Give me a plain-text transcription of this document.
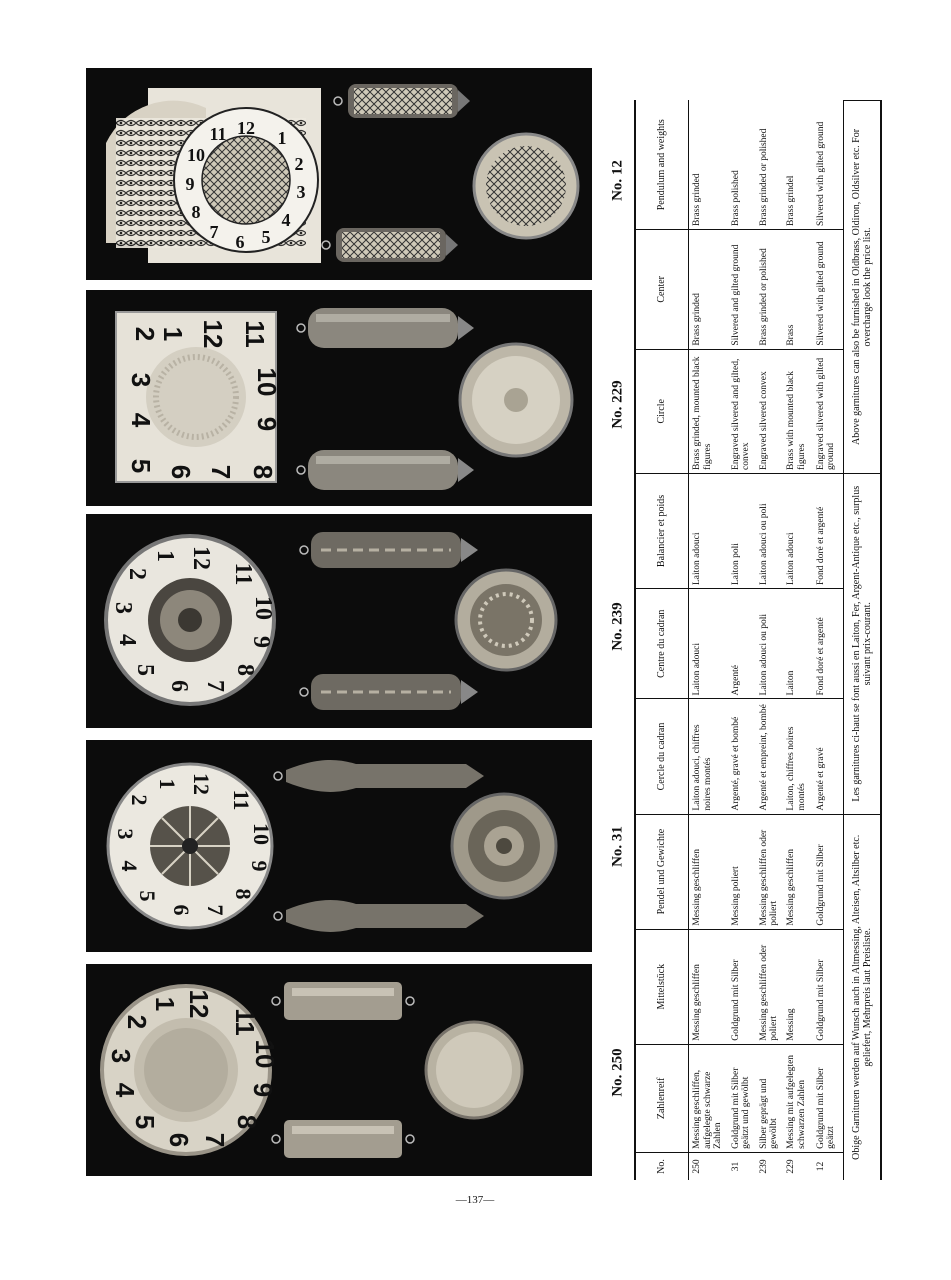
12 1
2
3
4
5
6
7
8
9
10
11
12
1
2
3
4
5 6 7 8
9
10
11
12
1
2
3
4
5
6 7
8
9
10
11
12
1
2
3
4
5
6 7
8
9
10
11
12
1
2
3
4
5
6 7
8
9
10
11
No. 12
No. 229
No. 239
No. 31
No. 250
No.	Zahlenreif	Mittelstück	Pendel und Gewichte	Cercle du cadran	Centre du cadran	Balancier et poids	Circle	Center	Pendulum and weights
250	Messing geschliffen, aufgelegte schwarze Zahlen	Messing geschliffen	Messing geschliffen	Laiton adouci, chiffres noires montés	Laiton adouci	Laiton adouci	Brass grinded, mounted black figures	Brass grinded	Brass grinded
31	Goldgrund mit Silber geätzt und gewölbt	Goldgrund mit Silber	Messing poliert	Argenté, gravé et bombé	Argenté	Laiton poli	Engraved silvered and gilted, convex	Silvered and gilted ground	Brass polished
239	Silber geprägt und gewölbt	Messing geschliffen oder poliert	Messing geschliffen oder poliert	Argenté et empreint, bombé	Laiton adouci ou poli	Laiton adouci ou poli	Engraved silvered convex	Brass grinded or polished	Brass grinded or polished
229	Messing mit aufgelegten schwarzen Zahlen	Messing	Messing geschliffen	Laiton, chiffres noires montés	Laiton	Laiton adouci	Brass with mounted black figures	Brass	Brass grindel
12	Goldgrund mit Silber geätzt	Goldgrund mit Silber	Goldgrund mit Silber	Argenté et gravé	Fond doré et argenté	Fond doré et argenté	Engraved silvered with gilted ground	Silvered with gilted ground	Silvered with gilted ground
Obige Garnituren werden auf Wunsch auch in Altmessing, Alteisen, Altsilber etc. geliefert, Mehrpreis laut Preisliste.				Les garnitures ci-haut se font aussi en Laiton, Fer, Argent-Antique etc., surplus suivant prix-courant.			Above garnitures can also be furnished in Oldbrass, Oldiron, Oldsilver etc. For overcharge look the price list.		
—137—
